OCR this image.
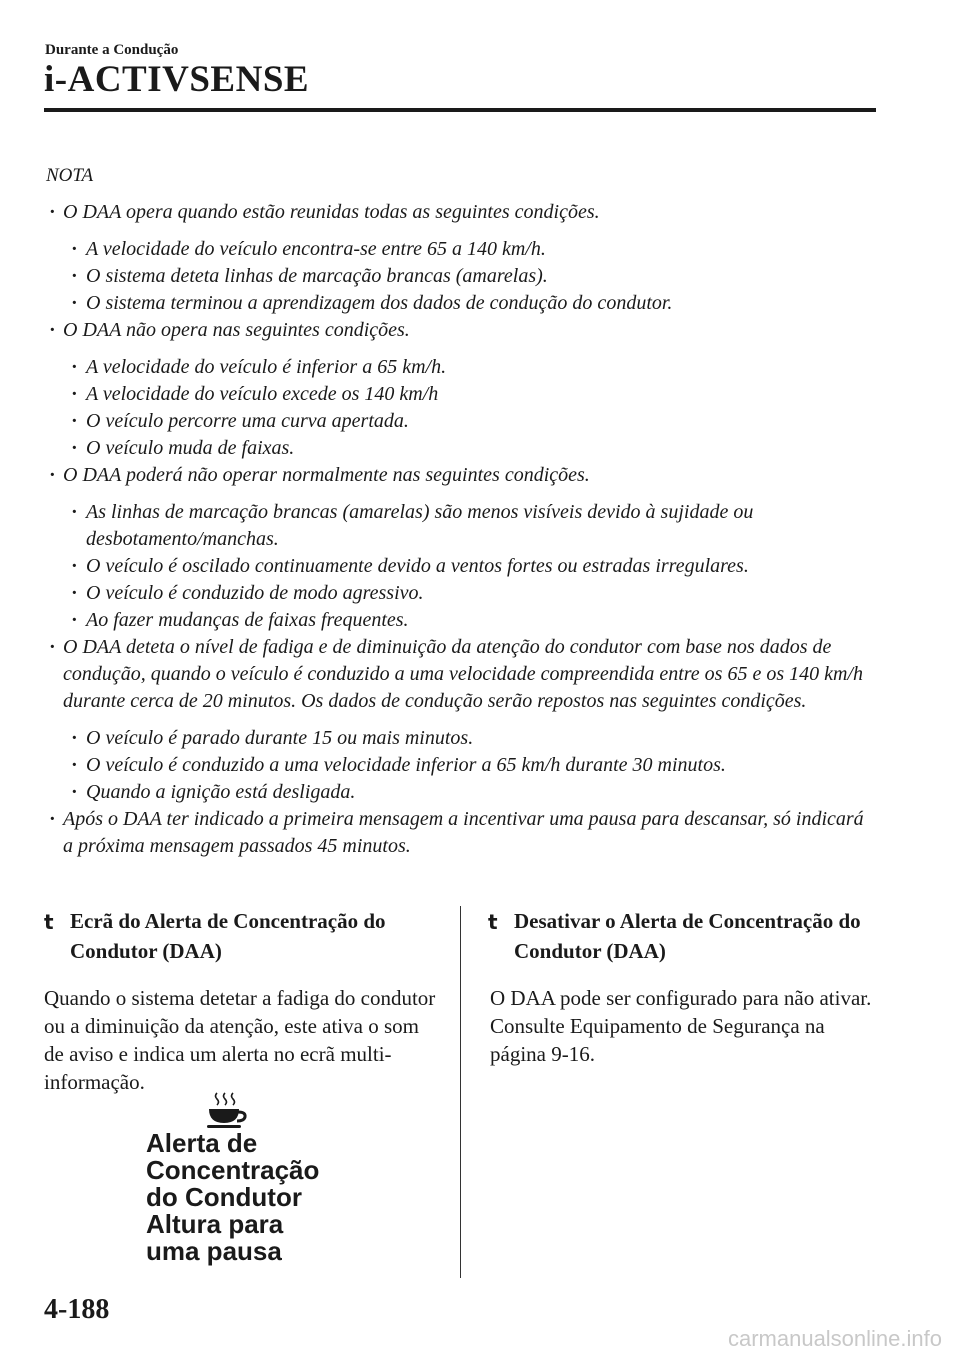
Durante a Condução
i-ACTIVSENSE
NOTA
· O DAA opera quando estão reunidas todas as seguintes condições.
· A velocidade do veículo encontra-se entre 65 a 140 km/h.
· O sistema deteta linhas de marcação brancas (amarelas).
· O sistema terminou a aprendizagem dos dados de condução do condutor.
· O DAA não opera nas seguintes condições.
· A velocidade do veículo é inferior a 65 km/h.
· A velocidade do veículo excede os 140 km/h
· O veículo percorre uma curva apertada.
· O veículo muda de faixas.
· O DAA poderá não operar normalmente nas seguintes condições.
· As linhas de marcação brancas (amarelas) são menos visíveis devido à sujidade ou desbotamento/manchas.
· O veículo é oscilado continuamente devido a ventos fortes ou estradas irregulares.
· O veículo é conduzido de modo agressivo.
· Ao fazer mudanças de faixas frequentes.
· O DAA deteta o nível de fadiga e de diminuição da atenção do condutor com base nos dados de condução, quando o veículo é conduzido a uma velocidade compreendida entre os 65 e os 140 km/h durante cerca de 20 minutos. Os dados de condução serão repostos nas seguintes condições.
· O veículo é parado durante 15 ou mais minutos.
· O veículo é conduzido a uma velocidade inferior a 65 km/h durante 30 minutos.
· Quando a ignição está desligada.
· Após o DAA ter indicado a primeira mensagem a incentivar uma pausa para descansar, só indicará a próxima mensagem passados 45 minutos.
t Ecrã do Alerta de Concentração do Condutor (DAA)

Quando o sistema detetar a fadiga do condutor ou a diminuição da atenção, este ativa o som de aviso e indica um alerta no ecrã multi-informação.

Alerta de
Concentração
do Condutor
Altura para
uma pausa
t Desativar o Alerta de Concentração do Condutor (DAA)

O DAA pode ser configurado para não ativar.

Consulte Equipamento de Segurança na página 9-16.

4-188
carmanualsonline.info
